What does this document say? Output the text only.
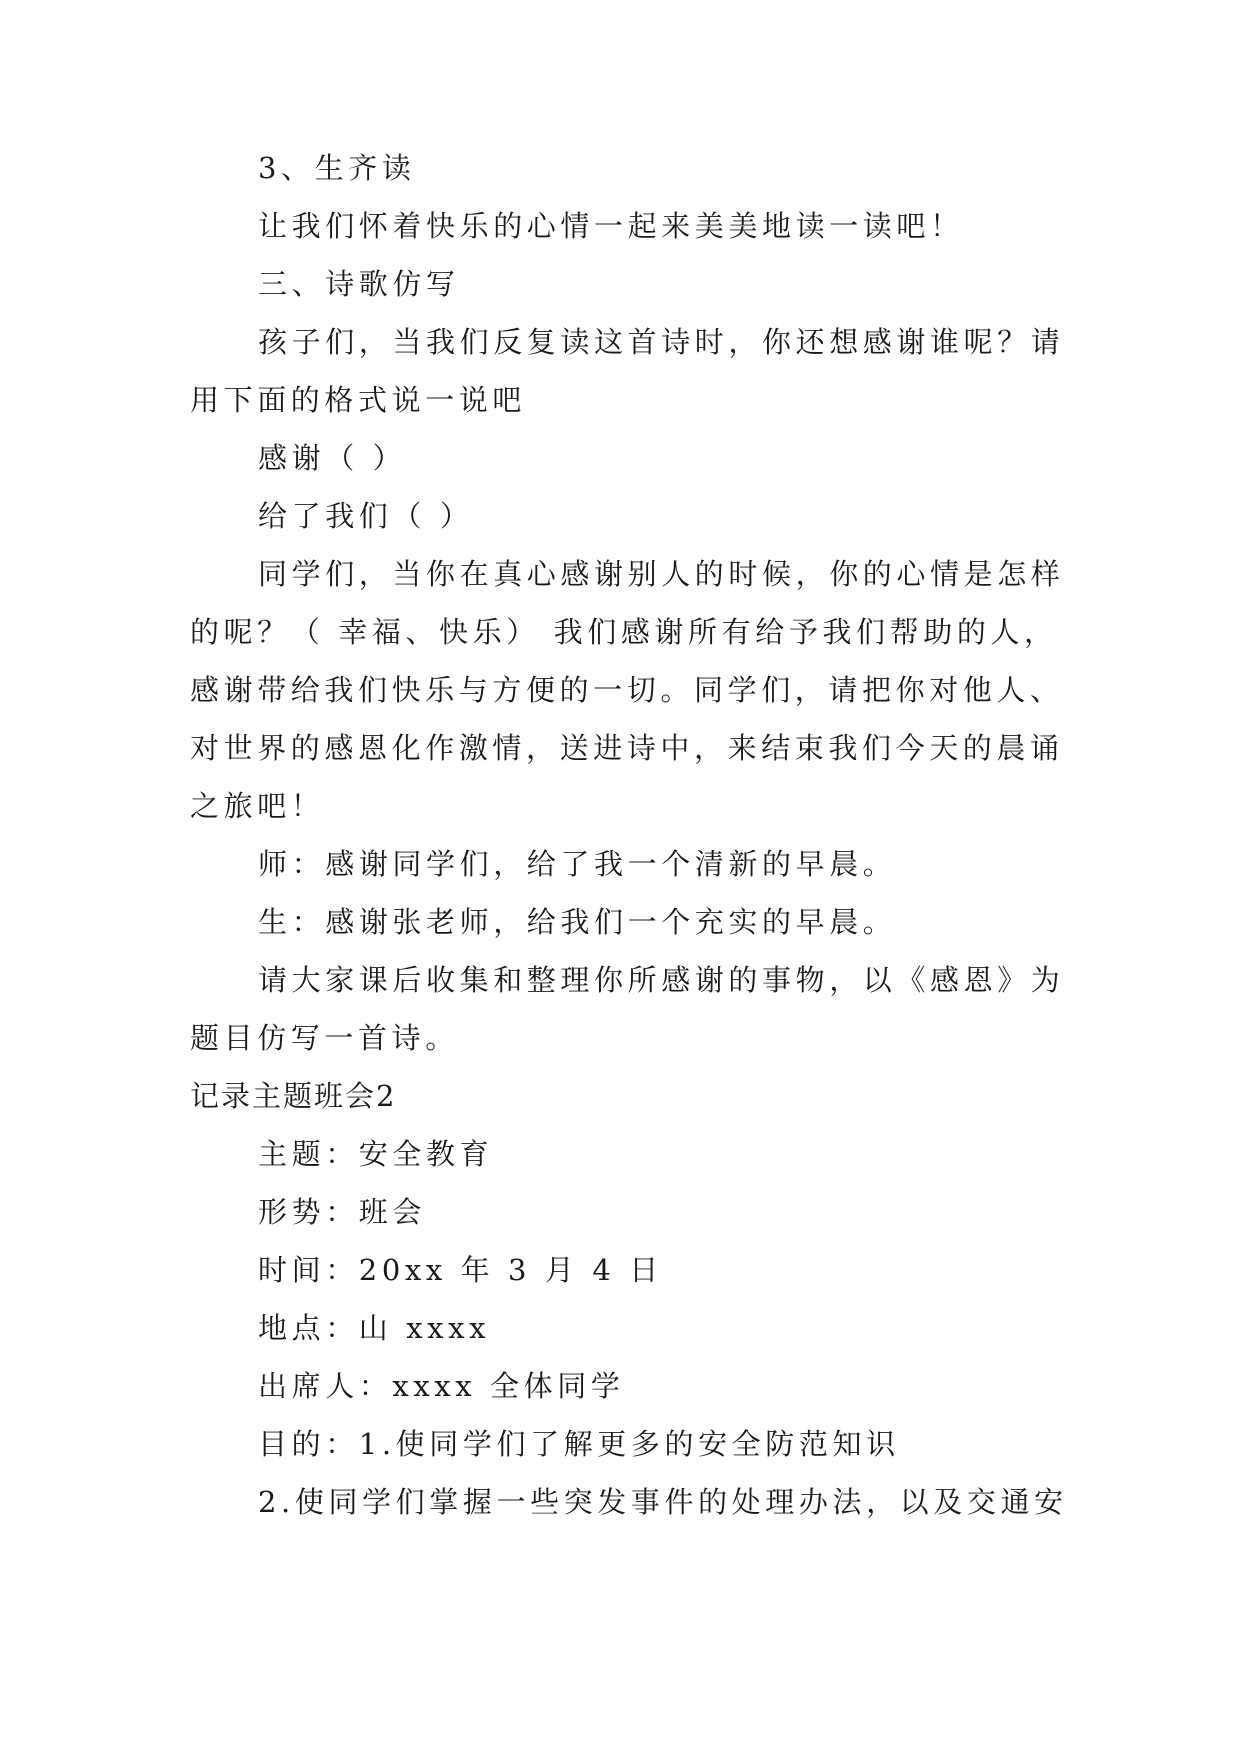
3、生齐读
让我们怀着快乐的心情一起来美美地读一读吧！
三、诗歌仿写
孩子们，当我们反复读这首诗时，你还想感谢谁呢？请
用下面的格式说一说吧
感谢（ ）
给了我们（ ）
同学们，当你在真心感谢别人的时候，你的心情是怎样
的呢？（ 幸福、快乐） 我们感谢所有给予我们帮助的人，
感谢带给我们快乐与方便的一切。同学们，请把你对他人、
对世界的感恩化作激情，送进诗中，来结束我们今天的晨诵
之旅吧！
师：感谢同学们，给了我一个清新的早晨。
生：感谢张老师，给我们一个充实的早晨。
请大家课后收集和整理你所感谢的事物，以《感恩》为
题目仿写一首诗。
记录主题班会2
主题：安全教育
形势：班会
时间：20xx 年 3 月 4 日
地点：山 xxxx
出席人：xxxx 全体同学
目的：1.使同学们了解更多的安全防范知识
2.使同学们掌握一些突发事件的处理办法，以及交通安
